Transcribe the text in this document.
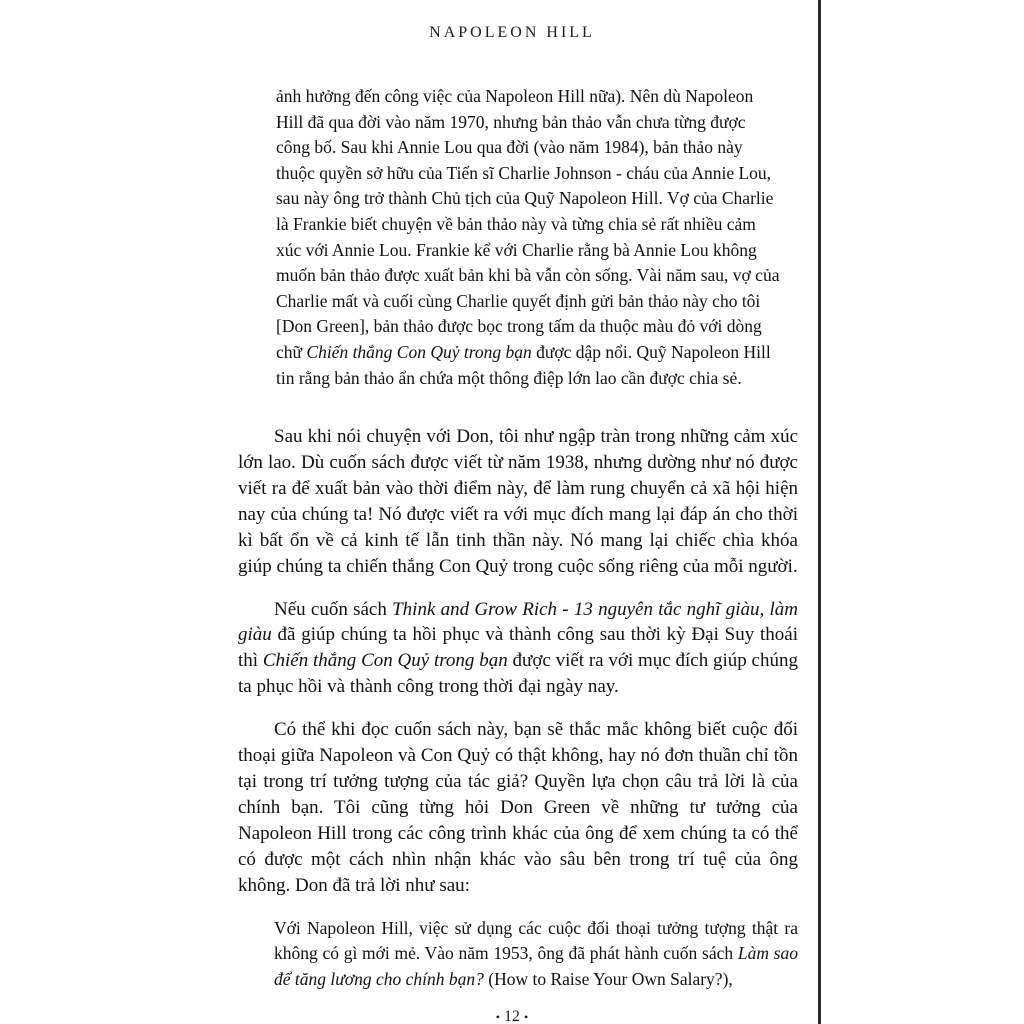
NAPOLEON HILL
ảnh hưởng đến công việc của Napoleon Hill nữa). Nên dù Napoleon
Hill đã qua đời vào năm 1970, nhưng bản thảo vẫn chưa từng được
công bố. Sau khi Annie Lou qua đời (vào năm 1984), bản thảo này
thuộc quyền sở hữu của Tiến sĩ Charlie Johnson - cháu của Annie Lou,
sau này ông trở thành Chủ tịch của Quỹ Napoleon Hill. Vợ của Charlie
là Frankie biết chuyện về bản thảo này và từng chia sẻ rất nhiều cảm
xúc với Annie Lou. Frankie kể với Charlie rằng bà Annie Lou không
muốn bản thảo được xuất bản khi bà vẫn còn sống. Vài năm sau, vợ của
Charlie mất và cuối cùng Charlie quyết định gửi bản thảo này cho tôi
[Don Green], bản thảo được bọc trong tấm da thuộc màu đỏ với dòng
chữ Chiến thắng Con Quỷ trong bạn được dập nổi. Quỹ Napoleon Hill
tin rằng bản thảo ẩn chứa một thông điệp lớn lao cần được chia sẻ.

Sau khi nói chuyện với Don, tôi như ngập tràn trong những cảm xúc lớn lao. Dù cuốn sách được viết từ năm 1938, nhưng dường như nó được viết ra để xuất bản vào thời điểm này, để làm rung chuyển cả xã hội hiện nay của chúng ta! Nó được viết ra với mục đích mang lại đáp án cho thời kì bất ổn về cả kinh tế lẫn tinh thần này. Nó mang lại chiếc chìa khóa giúp chúng ta chiến thắng Con Quỷ trong cuộc sống riêng của mỗi người.

Nếu cuốn sách Think and Grow Rich - 13 nguyên tắc nghĩ giàu, làm giàu đã giúp chúng ta hồi phục và thành công sau thời kỳ Đại Suy thoái thì Chiến thắng Con Quỷ trong bạn được viết ra với mục đích giúp chúng ta phục hồi và thành công trong thời đại ngày nay.

Có thể khi đọc cuốn sách này, bạn sẽ thắc mắc không biết cuộc đối thoại giữa Napoleon và Con Quỷ có thật không, hay nó đơn thuần chỉ tồn tại trong trí tưởng tượng của tác giả? Quyền lựa chọn câu trả lời là của chính bạn. Tôi cũng từng hỏi Don Green về những tư tưởng của Napoleon Hill trong các công trình khác của ông để xem chúng ta có thể có được một cách nhìn nhận khác vào sâu bên trong trí tuệ của ông không. Don đã trả lời như sau:

Với Napoleon Hill, việc sử dụng các cuộc đối thoại tưởng tượng thật ra không có gì mới mẻ. Vào năm 1953, ông đã phát hành cuốn sách Làm sao để tăng lương cho chính bạn? (How to Raise Your Own Salary?),
• 12 •
